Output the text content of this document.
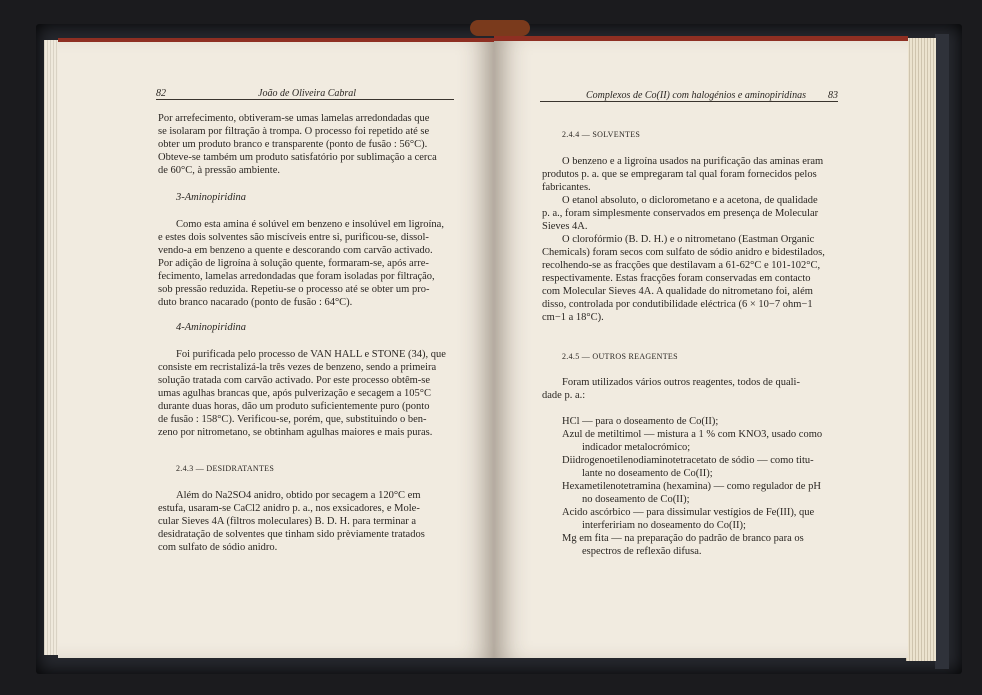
82	João de Oliveira Cabral
Por arrefecimento, obtiveram-se umas lamelas arredondadas que
se isolaram por filtração à trompa. O processo foi repetido até se
obter um produto branco e transparente (ponto de fusão : 56°C).
Obteve-se também um produto satisfatório por sublimação a cerca
de 60°C, à pressão ambiente.
3-Aminopiridina
Como esta amina é solúvel em benzeno e insolúvel em ligroína,
e estes dois solventes são miscíveis entre si, purificou-se, dissol-
vendo-a em benzeno a quente e descorando com carvão activado.
Por adição de ligroína à solução quente, formaram-se, após arre-
fecimento, lamelas arredondadas que foram isoladas por filtração,
sob pressão reduzida. Repetiu-se o processo até se obter um pro-
duto branco nacarado (ponto de fusão : 64°C).
4-Aminopiridina
Foi purificada pelo processo de VAN HALL e STONE (34), que
consiste em recristalizá-la três vezes de benzeno, sendo a primeira
solução tratada com carvão activado. Por este processo obtêm-se
umas agulhas brancas que, após pulverização e secagem a 105°C
durante duas horas, dão um produto suficientemente puro (ponto
de fusão : 158°C). Verificou-se, porém, que, substituindo o ben-
zeno por nitrometano, se obtinham agulhas maiores e mais puras.
2.4.3 — DESIDRATANTES
Além do Na2SO4 anidro, obtido por secagem a 120°C em
estufa, usaram-se CaCl2 anidro p. a., nos exsicadores, e Mole-
cular Sieves 4A (filtros moleculares) B. D. H. para terminar a
desidratação de solventes que tinham sido prèviamente tratados
com sulfato de sódio anidro.
Complexos de Co(II) com halogénios e aminopiridinas 83
2.4.4 — SOLVENTES
O benzeno e a ligroína usados na purificação das aminas eram
produtos p. a. que se empregaram tal qual foram fornecidos pelos
fabricantes.
O etanol absoluto, o diclorometano e a acetona, de qualidade
p. a., foram simplesmente conservados em presença de Molecular
Sieves 4A.
O clorofórmio (B. D. H.) e o nitrometano (Eastman Organic
Chemicals) foram secos com sulfato de sódio anidro e bidestilados,
recolhendo-se as fracções que destilavam a 61-62°C e 101-102°C,
respectivamente. Estas fracções foram conservadas em contacto
com Molecular Sieves 4A. A qualidade do nitrometano foi, além
disso, controlada por condutibilidade eléctrica (6 × 10−7 ohm−1
cm−1 a 18°C).
2.4.5 — OUTROS REAGENTES
Foram utilizados vários outros reagentes, todos de quali-
dade p. a.:
HCl — para o doseamento de Co(II);
Azul de metiltimol — mistura a 1 % com KNO3, usado como
indicador metalocrómico;
Diidrogenoetilenodiaminotetracetato de sódio — como titu-
lante no doseamento de Co(II);
Hexametilenotetramina (hexamina) — como regulador de pH
no doseamento de Co(II);
Acido ascórbico — para dissimular vestígios de Fe(III), que
interfeririam no doseamento do Co(II);
Mg em fita — na preparação do padrão de branco para os
espectros de reflexão difusa.
